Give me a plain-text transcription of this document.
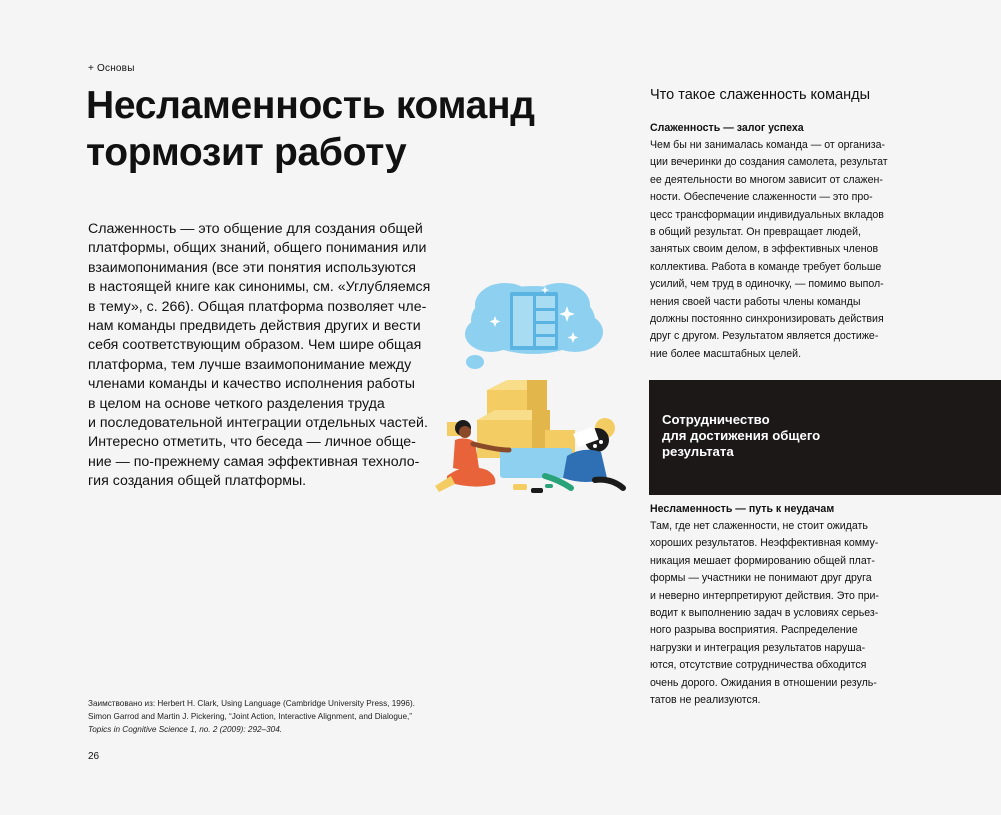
+ Основы
Несламенность команд
тормозит работу
Слаженность — это общение для создания общей
платформы, общих знаний, общего понимания или
взаимопонимания (все эти понятия используются
в настоящей книге как синонимы, см. «Углубляемся
в тему», с. 266). Общая платформа позволяет чле-
нам команды предвидеть действия других и вести
себя соответствующим образом. Чем шире общая
платформа, тем лучше взаимопонимание между
членами команды и качество исполнения работы
в целом на основе четкого разделения труда
и последовательной интеграции отдельных частей.
Интересно отметить, что беседа — личное обще-
ние — по-прежнему самая эффективная техноло-
гия создания общей платформы.
Заимствовано из: Herbert H. Clark, Using Language (Cambridge University Press, 1996).
Simon Garrod and Martin J. Pickering, “Joint Action, Interactive Alignment, and Dialogue,”
Topics in Cognitive Science 1, no. 2 (2009): 292–304.
26
Что такое слаженность команды
Слаженность — залог успеха
Чем бы ни занималась команда — от организа-
ции вечеринки до создания самолета, результат
ее деятельности во многом зависит от слажен-
ности. Обеспечение слаженности — это про-
цесс трансформации индивидуальных вкладов
в общий результат. Он превращает людей,
занятых своим делом, в эффективных членов
коллектива. Работа в команде требует больше
усилий, чем труд в одиночку, — помимо выпол-
нения своей части работы члены команды
должны постоянно синхронизировать действия
друг с другом. Результатом является достиже-
ние более масштабных целей.
Сотрудничество
для достижения общего
результата
Несламенность — путь к неудачам
Там, где нет слаженности, не стоит ожидать
хороших результатов. Неэффективная комму-
никация мешает формированию общей плат-
формы — участники не понимают друг друга
и неверно интерпретируют действия. Это при-
водит к выполнению задач в условиях серьез-
ного разрыва восприятия. Распределение
нагрузки и интеграция результатов наруша-
ются, отсутствие сотрудничества обходится
очень дорого. Ожидания в отношении резуль-
татов не реализуются.
